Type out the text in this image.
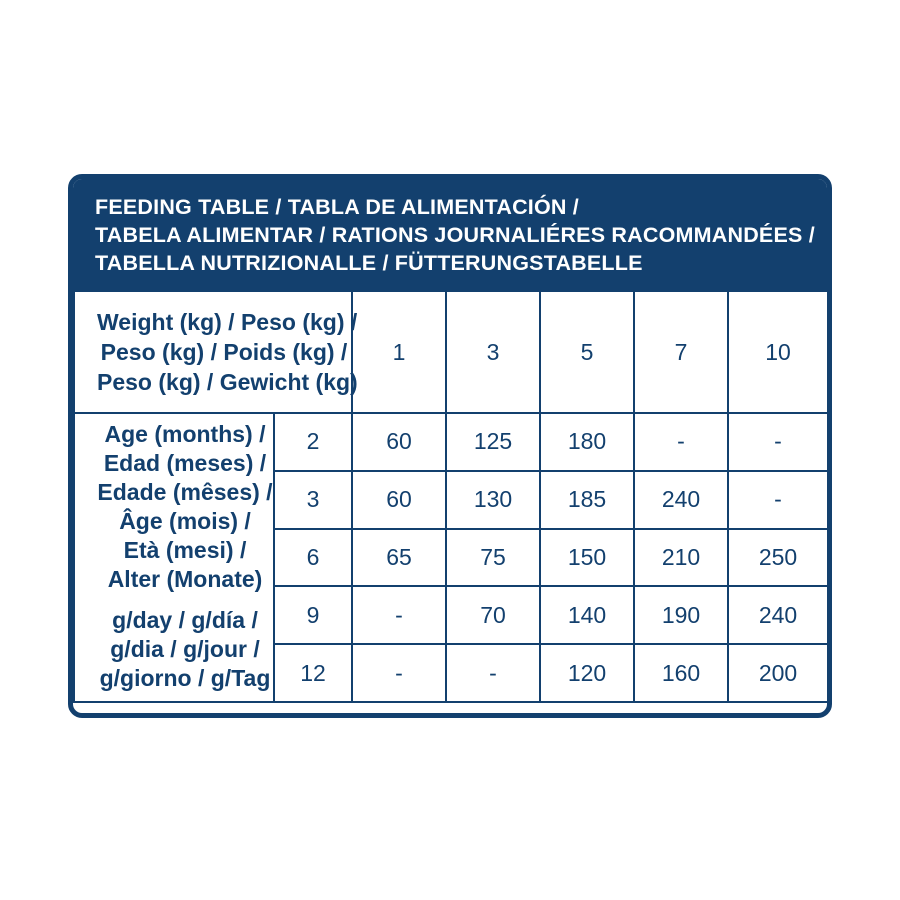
FEEDING TABLE / TABLA DE ALIMENTACIÓN /
TABELA ALIMENTAR / RATIONS JOURNALIÉRES RACOMMANDÉES /
TABELLA NUTRIZIONALLE / FÜTTERUNGSTABELLE
Weight (kg) / Peso (kg) /
Peso (kg) / Poids (kg) /
Peso (kg) / Gewicht (kg)		1	3	5	7	10

Age (months) /
Edad (meses) /
Edade (mêses) /
Âge (mois) /
Età (mesi) /
Alter (Monate)
g/day / g/día /
g/dia / g/jour /
g/giorno / g/Tag
	2	60	125	180	-	-
	3	60	130	185	240	-
	6	65	75	150	210	250
	9	-	70	140	190	240
	12	-	-	120	160	200
